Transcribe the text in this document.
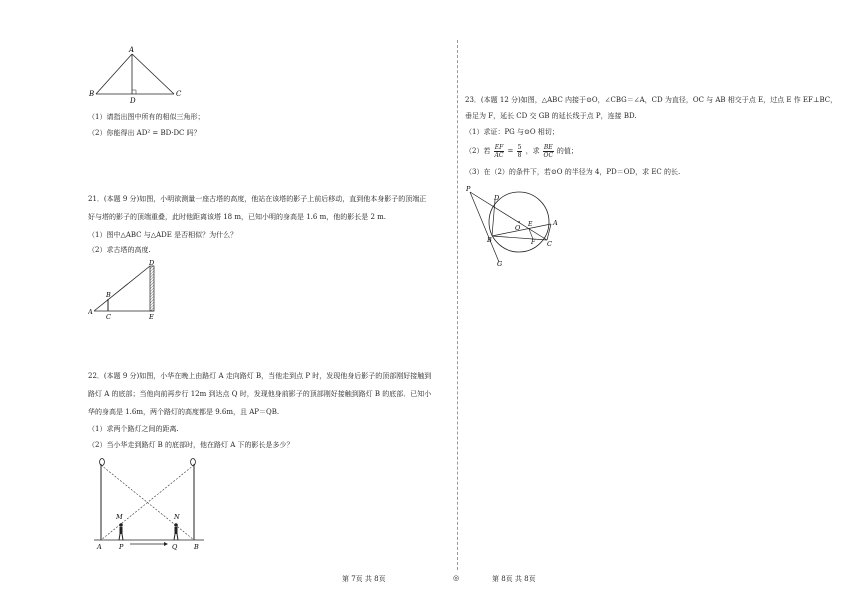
A
B	C
D
（1）请指出图中所有的相似三角形；
（2）你能得出 AD² = BD·DC 吗？
21．(本题 9 分)如图，小明欲测量一座古塔的高度，他站在该塔的影子上前后移动，直到他本身影子的顶端正
好与塔的影子的顶端重叠，此时他距离该塔 18 m，已知小明的身高是 1.6 m，他的影长是 2 m.
（1）图中△ABC 与△ADE 是否相似？为什么？
（2）求古塔的高度.
A
B
C
D
E
22．(本题 9 分)如图，小华在晚上由路灯 A 走向路灯 B，当他走到点 P 时，发现他身后影子的顶部刚好接触到
路灯 A 的底部；当他向前再步行 12m 到达点 Q 时，发现他身前影子的顶部刚好接触到路灯 B 的底部．已知小
华的身高是 1.6m，两个路灯的高度都是 9.6m，且 AP＝QB.
（1）求两个路灯之间的距离.
（2）当小华走到路灯 B 的底部时，他在路灯 A 下的影长是多少？
M	N
A	P	Q	B
23．(本题 12 分)如图，△ABC 内接于⊙O，∠CBG＝∠A，CD 为直径，OC 与 AB 相交于点 E，过点 E 作 EF⊥BC，
垂足为 F，延长 CD 交 GB 的延长线于点 P，连接 BD.
（1）求证：PG 与⊙O 相切；
（2）若 $\frac{EF}{AC} = \frac{5}{8}$ ，求 $\frac{BE}{OC}$ 的值；
（3）在（2）的条件下，若⊙O 的半径为 4，PD＝OD，求 EC 的长.
P
D
O E	A
B	F C
G
第 7页 共 8页	◎	第 8页 共 8页
